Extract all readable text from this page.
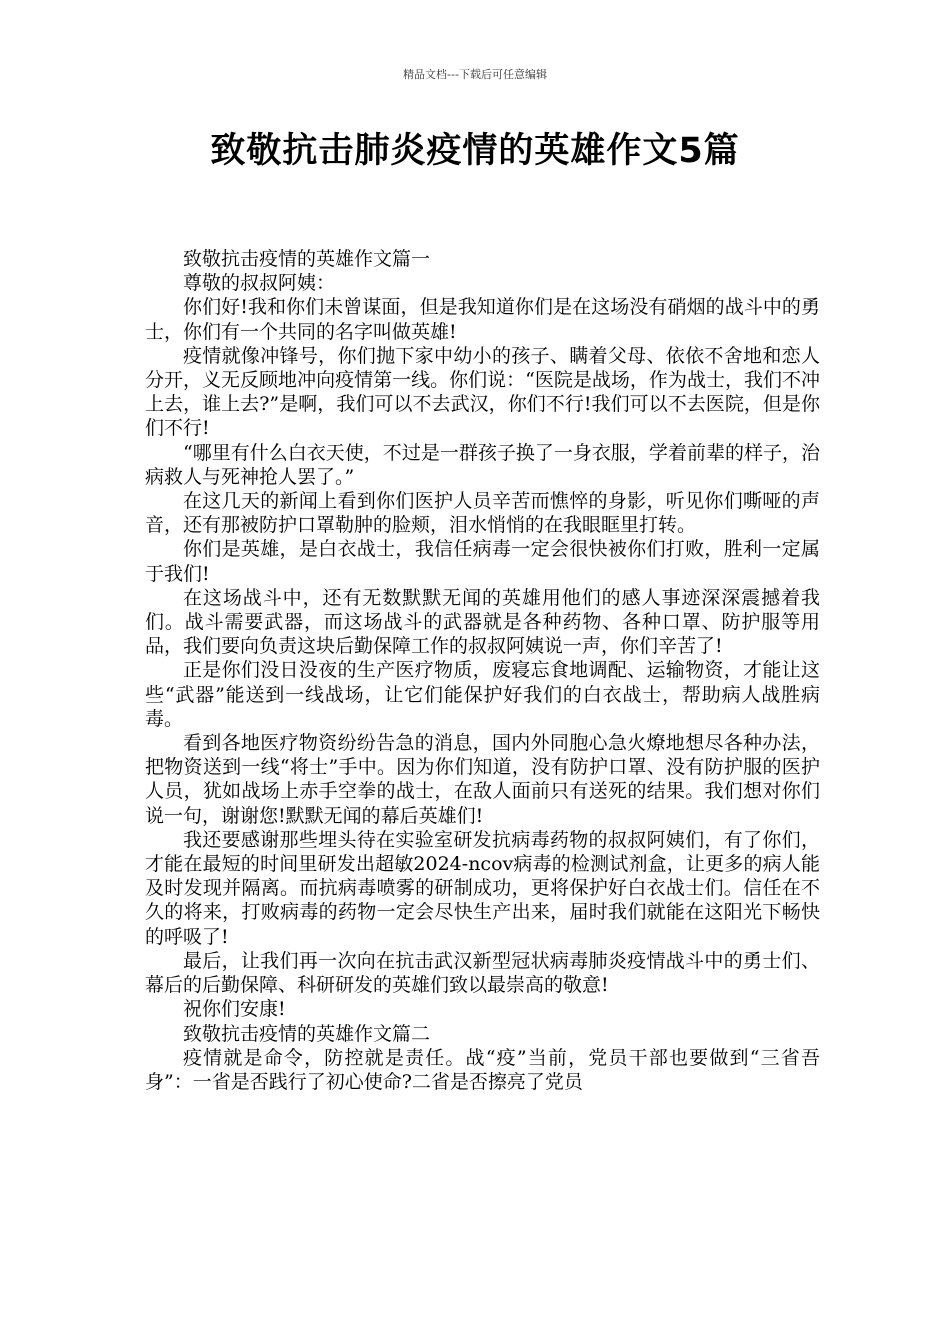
精品文档---下载后可任意编辑
致敬抗击肺炎疫情的英雄作文5篇

致敬抗击疫情的英雄作文篇一

尊敬的叔叔阿姨：

你们好!我和你们未曾谋面，但是我知道你们是在这场没有硝烟的战斗中的勇士，你们有一个共同的名字叫做英雄!

疫情就像冲锋号，你们抛下家中幼小的孩子、瞒着父母、依依不舍地和恋人分开，义无反顾地冲向疫情第一线。你们说：“医院是战场，作为战士，我们不冲上去，谁上去?”是啊，我们可以不去武汉，你们不行!我们可以不去医院，但是你们不行!

“哪里有什么白衣天使，不过是一群孩子换了一身衣服，学着前辈的样子，治病救人与死神抢人罢了。”

在这几天的新闻上看到你们医护人员辛苦而憔悴的身影，听见你们嘶哑的声音，还有那被防护口罩勒肿的脸颊，泪水悄悄的在我眼眶里打转。

你们是英雄，是白衣战士，我信任病毒一定会很快被你们打败，胜利一定属于我们!

在这场战斗中，还有无数默默无闻的英雄用他们的感人事迹深深震撼着我们。战斗需要武器，而这场战斗的武器就是各种药物、各种口罩、防护服等用品，我们要向负责这块后勤保障工作的叔叔阿姨说一声，你们辛苦了!

正是你们没日没夜的生产医疗物质，废寝忘食地调配、运输物资，才能让这些“武器”能送到一线战场，让它们能保护好我们的白衣战士，帮助病人战胜病毒。

看到各地医疗物资纷纷告急的消息，国内外同胞心急火燎地想尽各种办法，把物资送到一线“将士”手中。因为你们知道，没有防护口罩、没有防护服的医护人员，犹如战场上赤手空拳的战士，在敌人面前只有送死的结果。我们想对你们说一句，谢谢您!默默无闻的幕后英雄们!

我还要感谢那些埋头待在实验室研发抗病毒药物的叔叔阿姨们，有了你们，才能在最短的时间里研发出超敏2024-ncov病毒的检测试剂盒，让更多的病人能及时发现并隔离。而抗病毒喷雾的研制成功，更将保护好白衣战士们。信任在不久的将来，打败病毒的药物一定会尽快生产出来，届时我们就能在这阳光下畅快的呼吸了!

最后，让我们再一次向在抗击武汉新型冠状病毒肺炎疫情战斗中的勇士们、幕后的后勤保障、科研研发的英雄们致以最崇高的敬意!

祝你们安康!

致敬抗击疫情的英雄作文篇二

疫情就是命令，防控就是责任。战“疫”当前，党员干部也要做到“三省吾身”：一省是否践行了初心使命?二省是否擦亮了党员
